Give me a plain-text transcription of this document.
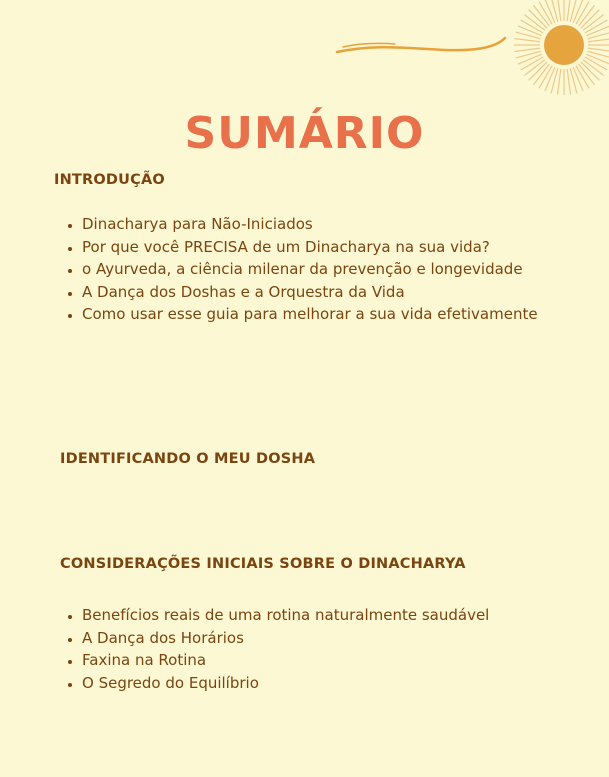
SUMÁRIO
INTRODUÇÃO
• Dinacharya para Não-Iniciados
• Por que você PRECISA de um Dinacharya na sua vida?
• o Ayurveda, a ciência milenar da prevenção e longevidade
• A Dança dos Doshas e a Orquestra da Vida
• Como usar esse guia para melhorar a sua vida efetivamente
IDENTIFICANDO O MEU DOSHA
CONSIDERAÇÕES INICIAIS SOBRE O DINACHARYA
• Benefícios reais de uma rotina naturalmente saudável
• A Dança dos Horários
• Faxina na Rotina
• O Segredo do Equilíbrio
